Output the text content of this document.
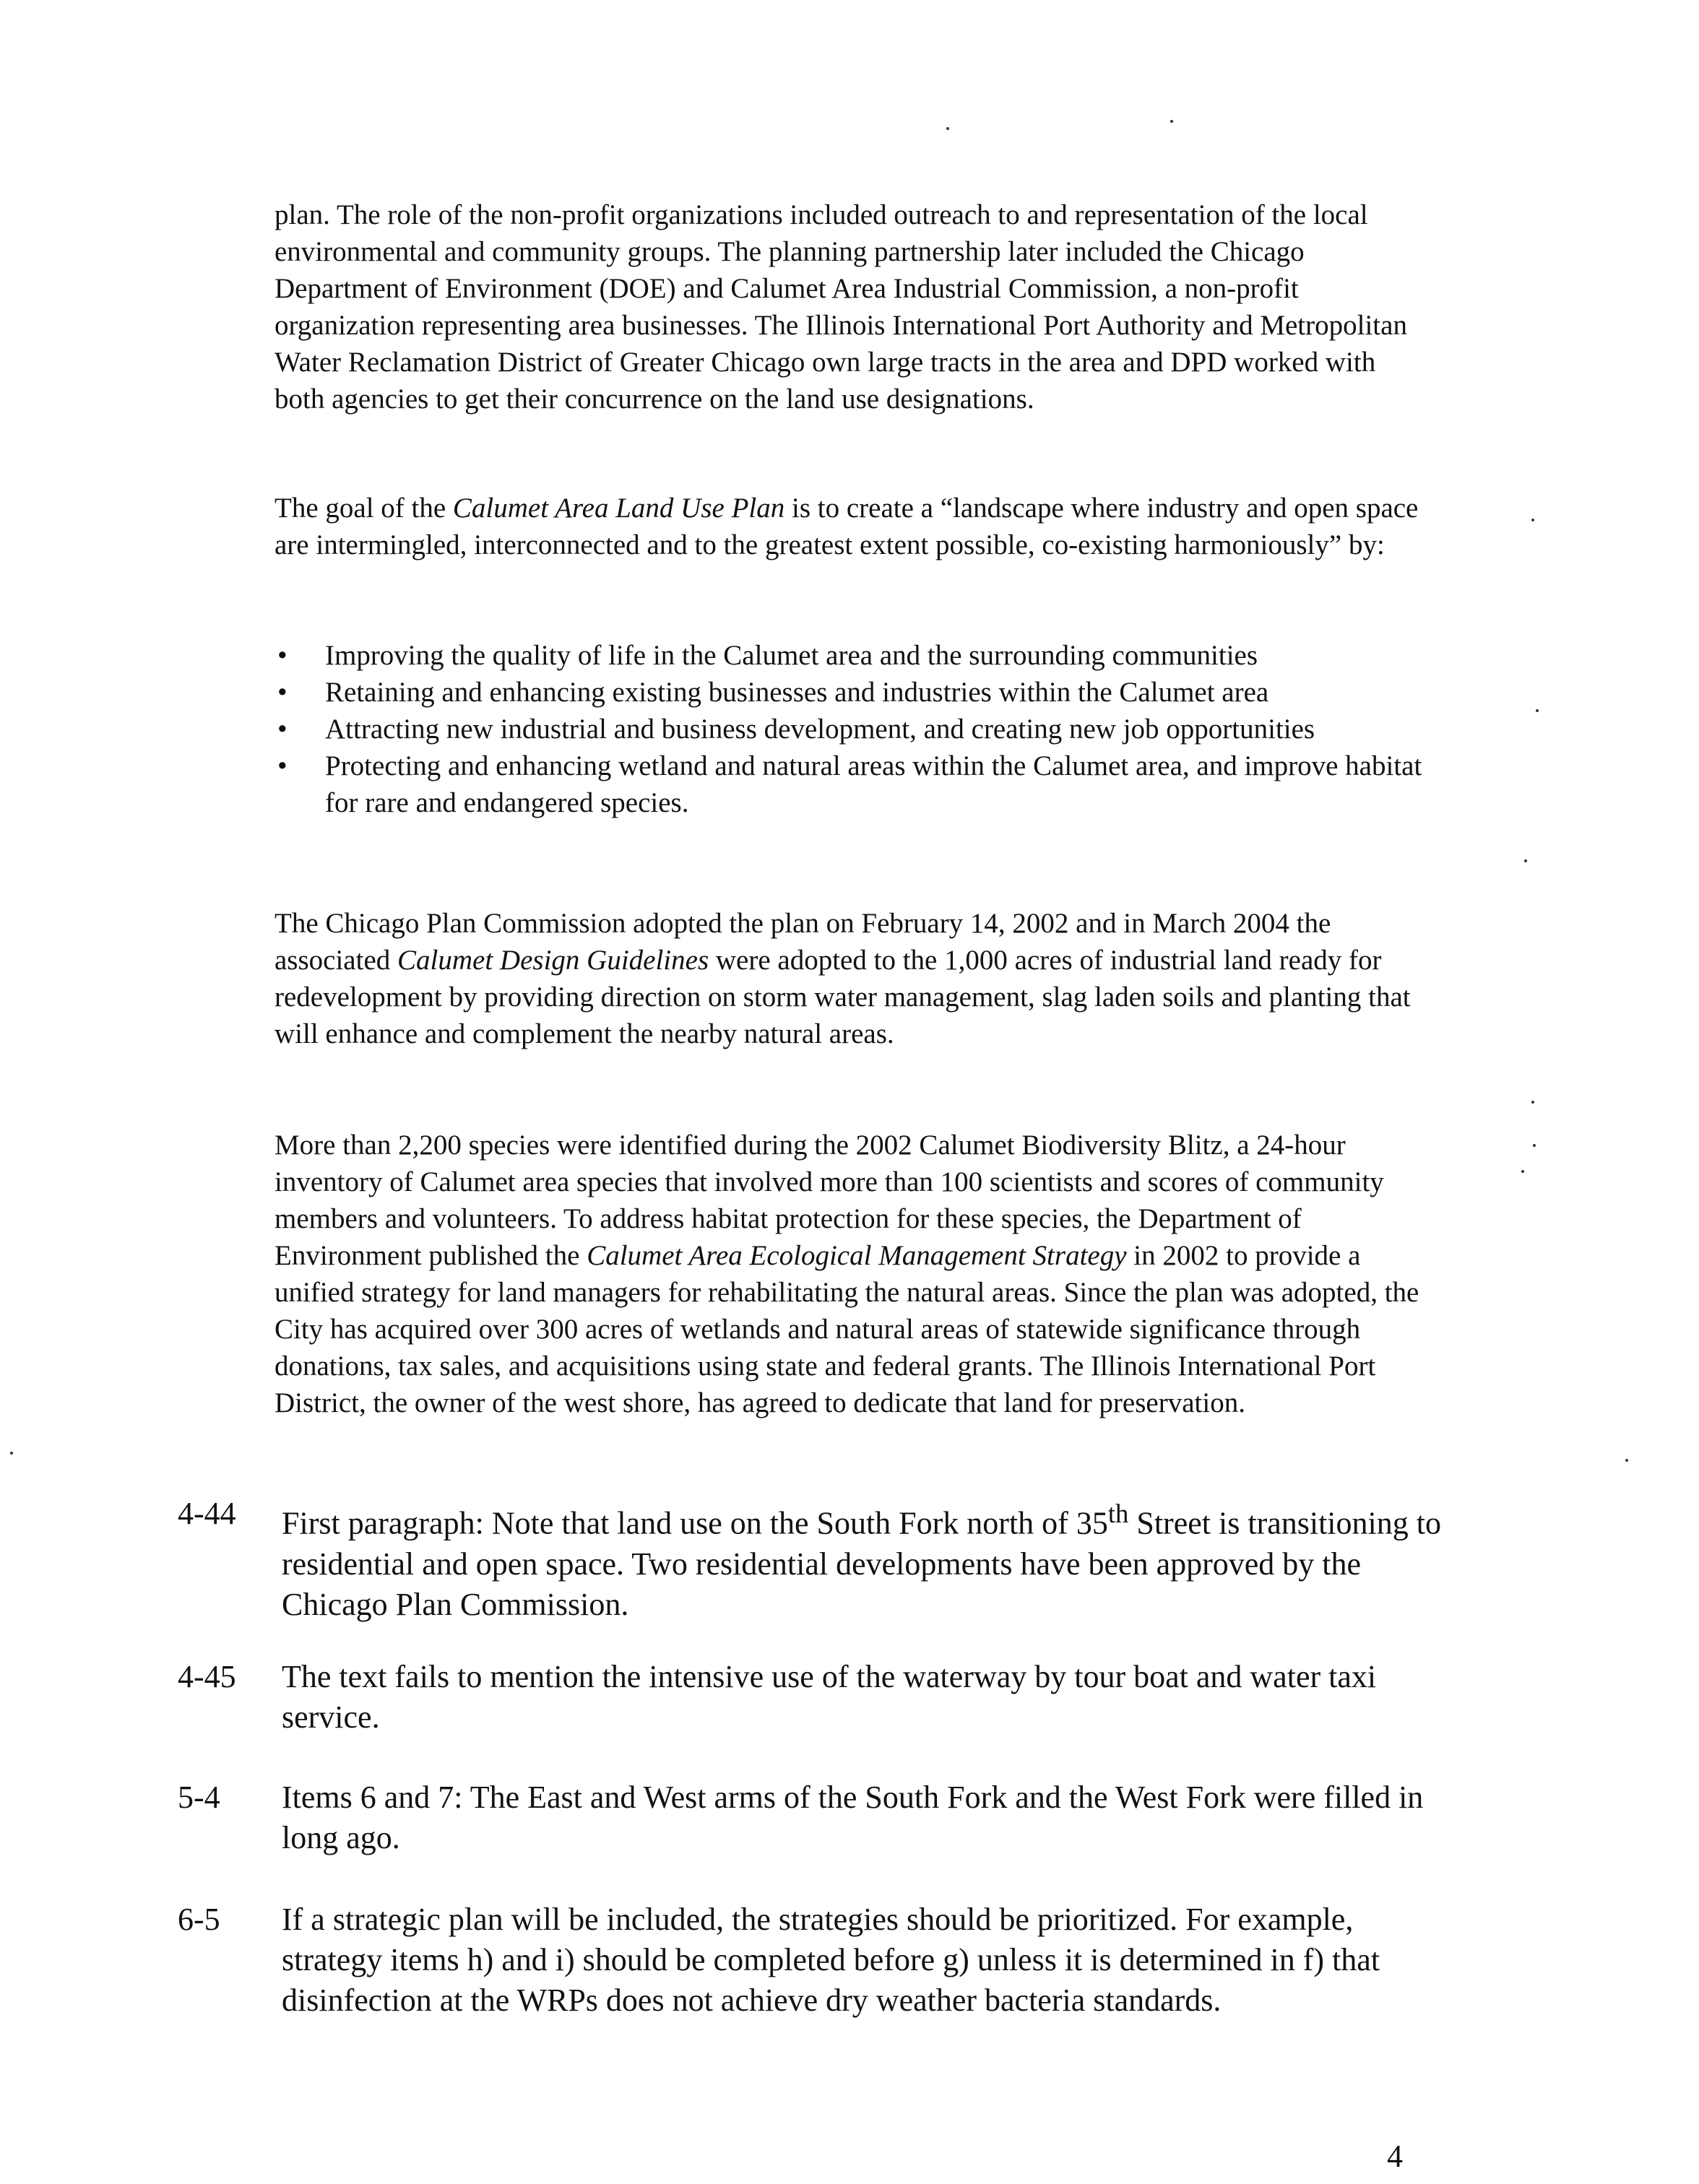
plan. The role of the non-profit organizations included outreach to and representation of the local environmental and community groups. The planning partnership later included the Chicago Department of Environment (DOE) and Calumet Area Industrial Commission, a non-profit organization representing area businesses. The Illinois International Port Authority and Metropolitan Water Reclamation District of Greater Chicago own large tracts in the area and DPD worked with both agencies to get their concurrence on the land use designations.

The goal of the Calumet Area Land Use Plan is to create a “landscape where industry and open space are intermingled, interconnected and to the greatest extent possible, co-existing harmoniously” by:

• Improving the quality of life in the Calumet area and the surrounding communities
• Retaining and enhancing existing businesses and industries within the Calumet area
• Attracting new industrial and business development, and creating new job opportunities
• Protecting and enhancing wetland and natural areas within the Calumet area, and improve habitat for rare and endangered species.

The Chicago Plan Commission adopted the plan on February 14, 2002 and in March 2004 the associated Calumet Design Guidelines were adopted to the 1,000 acres of industrial land ready for redevelopment by providing direction on storm water management, slag laden soils and planting that will enhance and complement the nearby natural areas.

More than 2,200 species were identified during the 2002 Calumet Biodiversity Blitz, a 24-hour inventory of Calumet area species that involved more than 100 scientists and scores of community members and volunteers. To address habitat protection for these species, the Department of Environment published the Calumet Area Ecological Management Strategy in 2002 to provide a unified strategy for land managers for rehabilitating the natural areas. Since the plan was adopted, the City has acquired over 300 acres of wetlands and natural areas of statewide significance through donations, tax sales, and acquisitions using state and federal grants. The Illinois International Port District, the owner of the west shore, has agreed to dedicate that land for preservation.

4-44	First paragraph: Note that land use on the South Fork north of 35th Street is transitioning to residential and open space. Two residential developments have been approved by the Chicago Plan Commission.
4-45	The text fails to mention the intensive use of the waterway by tour boat and water taxi service.
5-4	Items 6 and 7: The East and West arms of the South Fork and the West Fork were filled in long ago.
6-5	If a strategic plan will be included, the strategies should be prioritized. For example, strategy items h) and i) should be completed before g) unless it is determined in f) that disinfection at the WRPs does not achieve dry weather bacteria standards.
4
